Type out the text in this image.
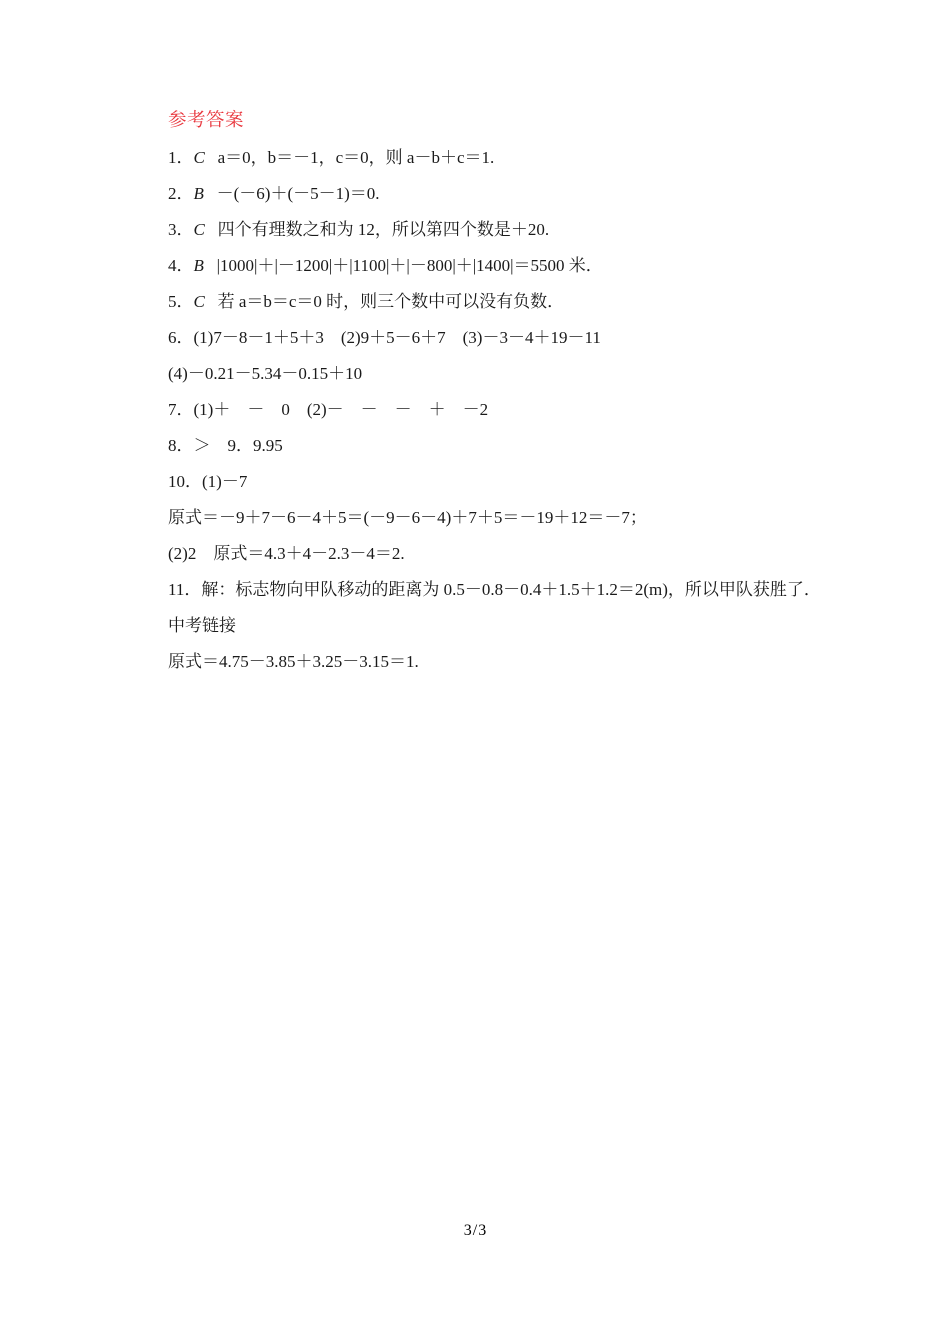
参考答案
1．C a＝0，b＝－1，c＝0，则 a－b＋c＝1.
2．B －(－6)＋(－5－1)＝0.
3．C 四个有理数之和为 12，所以第四个数是＋20.
4．B |1000|＋|－1200|＋|1100|＋|－800|＋|1400|＝5500 米．
5．C 若 a＝b＝c＝0 时，则三个数中可以没有负数．
6．(1)7－8－1＋5＋3　(2)9＋5－6＋7　(3)－3－4＋19－11
(4)－0.21－5.34－0.15＋10
7．(1)＋　－　0　(2)－　－　－　＋　－2
8．＞　9．9.95
10．(1)－7
原式＝－9＋7－6－4＋5＝(－9－6－4)＋7＋5＝－19＋12＝－7；
(2)2　原式＝4.3＋4－2.3－4＝2.
11．解：标志物向甲队移动的距离为 0.5－0.8－0.4＋1.5＋1.2＝2(m)，所以甲队获胜了．
中考链接
原式＝4.75－3.85＋3.25－3.15＝1.
3/3
